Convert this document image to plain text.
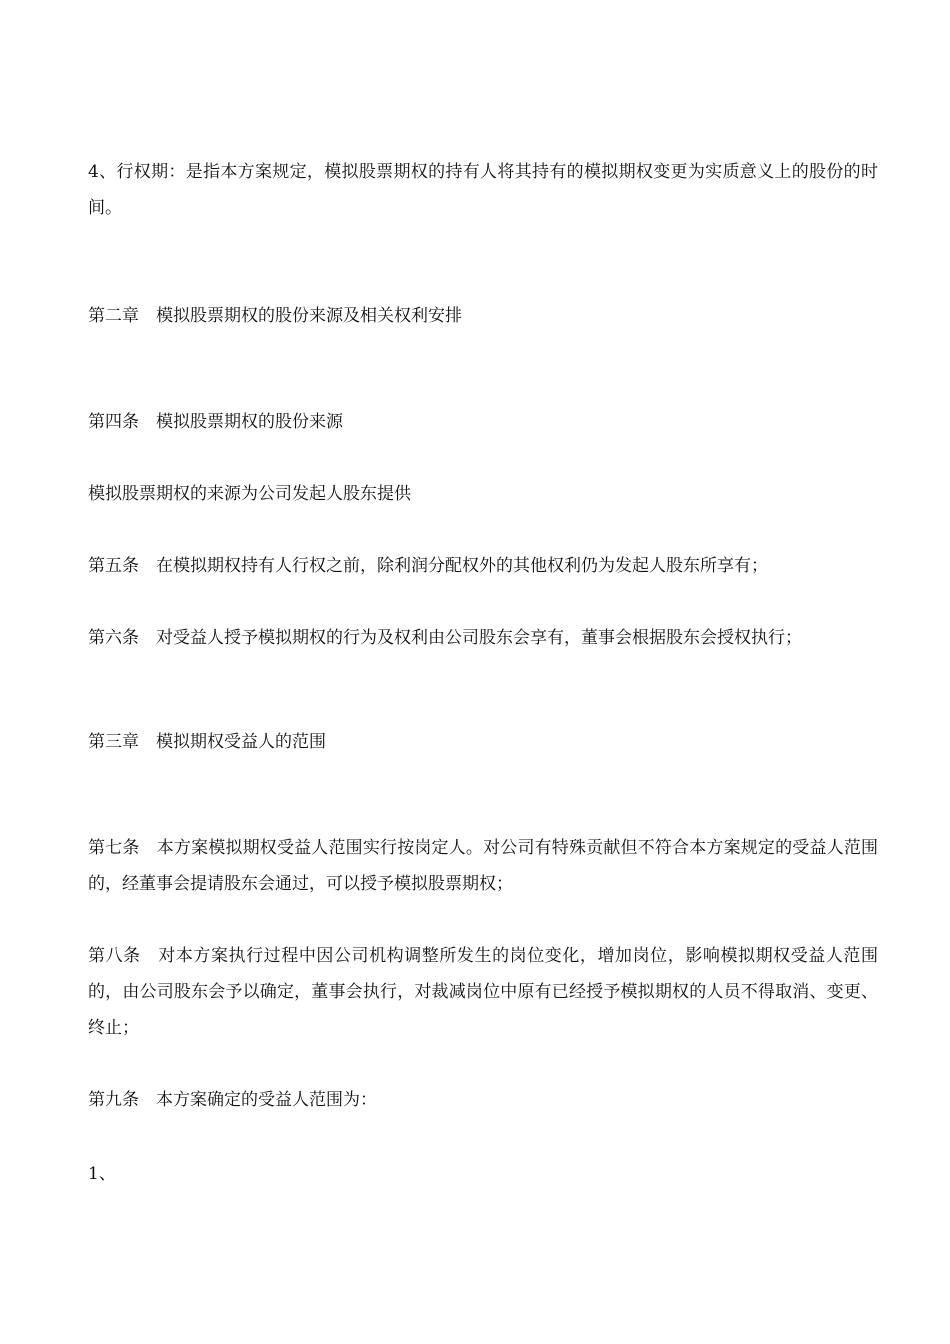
4、行权期：是指本方案规定，模拟股票期权的持有人将其持有的模拟期权变更为实质意义上的股份的时间。

第二章　模拟股票期权的股份来源及相关权利安排

第四条　模拟股票期权的股份来源

模拟股票期权的来源为公司发起人股东提供

第五条　在模拟期权持有人行权之前，除利润分配权外的其他权利仍为发起人股东所享有；

第六条　对受益人授予模拟期权的行为及权利由公司股东会享有，董事会根据股东会授权执行；

第三章　模拟期权受益人的范围

第七条　本方案模拟期权受益人范围实行按岗定人。对公司有特殊贡献但不符合本方案规定的受益人范围的，经董事会提请股东会通过，可以授予模拟股票期权；

第八条　对本方案执行过程中因公司机构调整所发生的岗位变化，增加岗位，影响模拟期权受益人范围的，由公司股东会予以确定，董事会执行，对裁减岗位中原有已经授予模拟期权的人员不得取消、变更、终止；

第九条　本方案确定的受益人范围为：

1、
